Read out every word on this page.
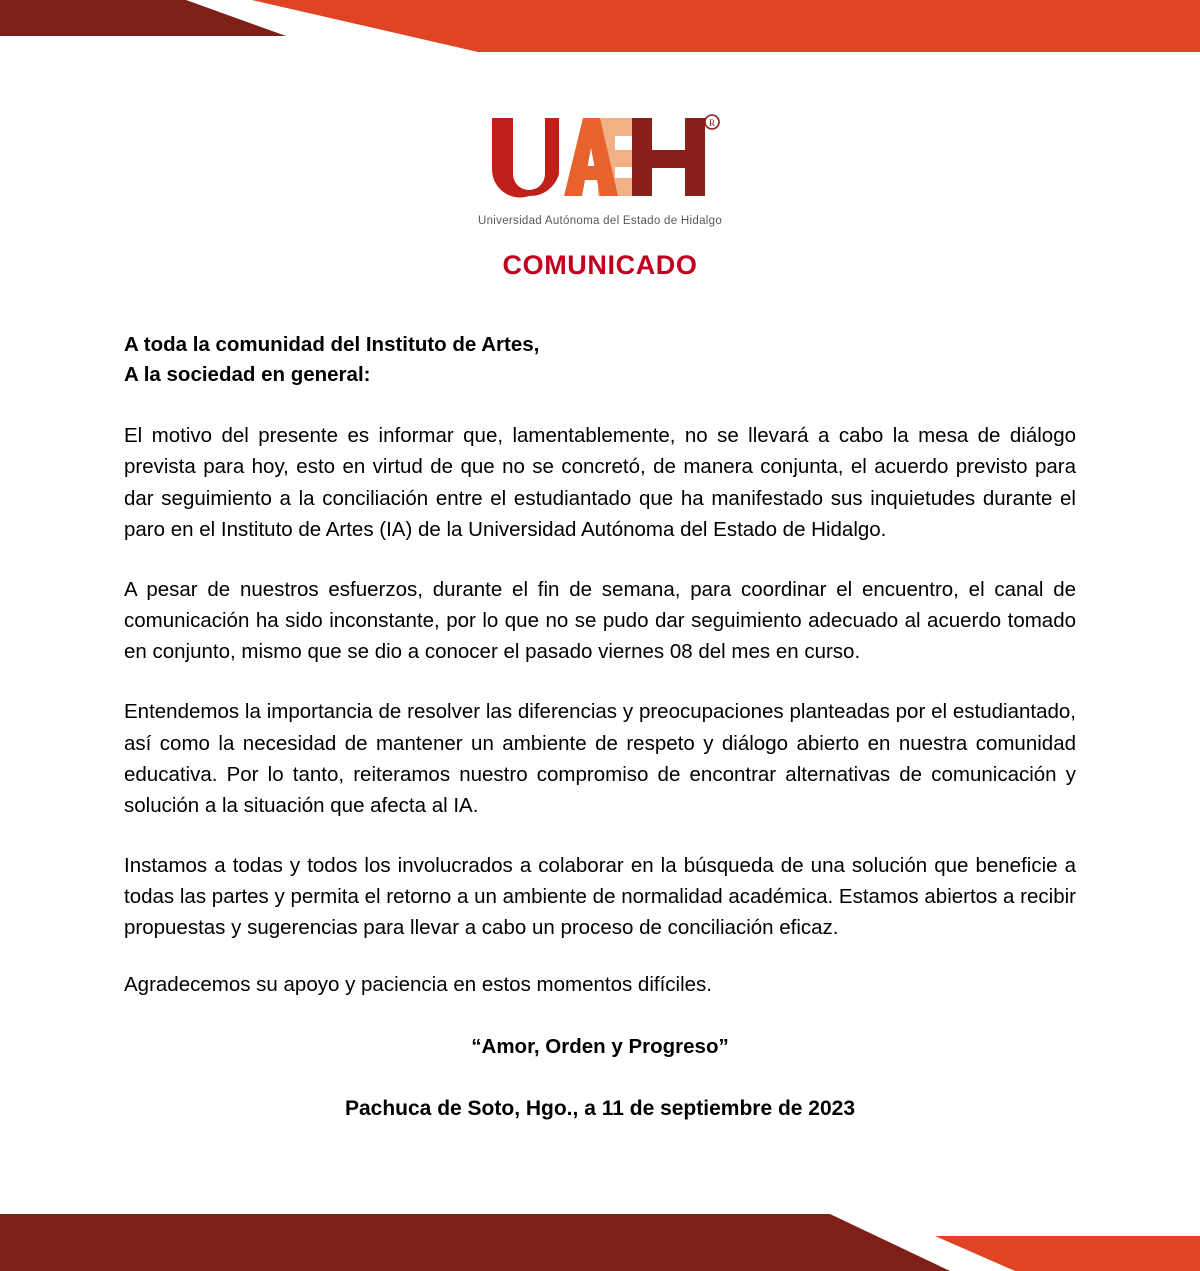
R
Universidad Autónoma del Estado de Hidalgo
COMUNICADO
A toda la comunidad del Instituto de Artes,
A la sociedad en general:

El motivo del presente es informar que, lamentablemente, no se llevará a cabo la mesa de diálogo prevista para hoy, esto en virtud de que no se concretó, de manera conjunta, el acuerdo previsto para dar seguimiento a la conciliación entre el estudiantado que ha manifestado sus inquietudes durante el paro en el Instituto de Artes (IA) de la Universidad Autónoma del Estado de Hidalgo.

A pesar de nuestros esfuerzos, durante el fin de semana, para coordinar el encuentro, el canal de comunicación ha sido inconstante, por lo que no se pudo dar seguimiento adecuado al acuerdo tomado en conjunto, mismo que se dio a conocer el pasado viernes 08 del mes en curso.

Entendemos la importancia de resolver las diferencias y preocupaciones planteadas por el estudiantado, así como la necesidad de mantener un ambiente de respeto y diálogo abierto en nuestra comunidad educativa. Por lo tanto, reiteramos nuestro compromiso de encontrar alternativas de comunicación y solución a la situación que afecta al IA.

Instamos a todas y todos los involucrados a colaborar en la búsqueda de una solución que beneficie a todas las partes y permita el retorno a un ambiente de normalidad académica. Estamos abiertos a recibir propuestas y sugerencias para llevar a cabo un proceso de conciliación eficaz.

Agradecemos su apoyo y paciencia en estos momentos difíciles.

“Amor, Orden y Progreso”

Pachuca de Soto, Hgo., a 11 de septiembre de 2023
